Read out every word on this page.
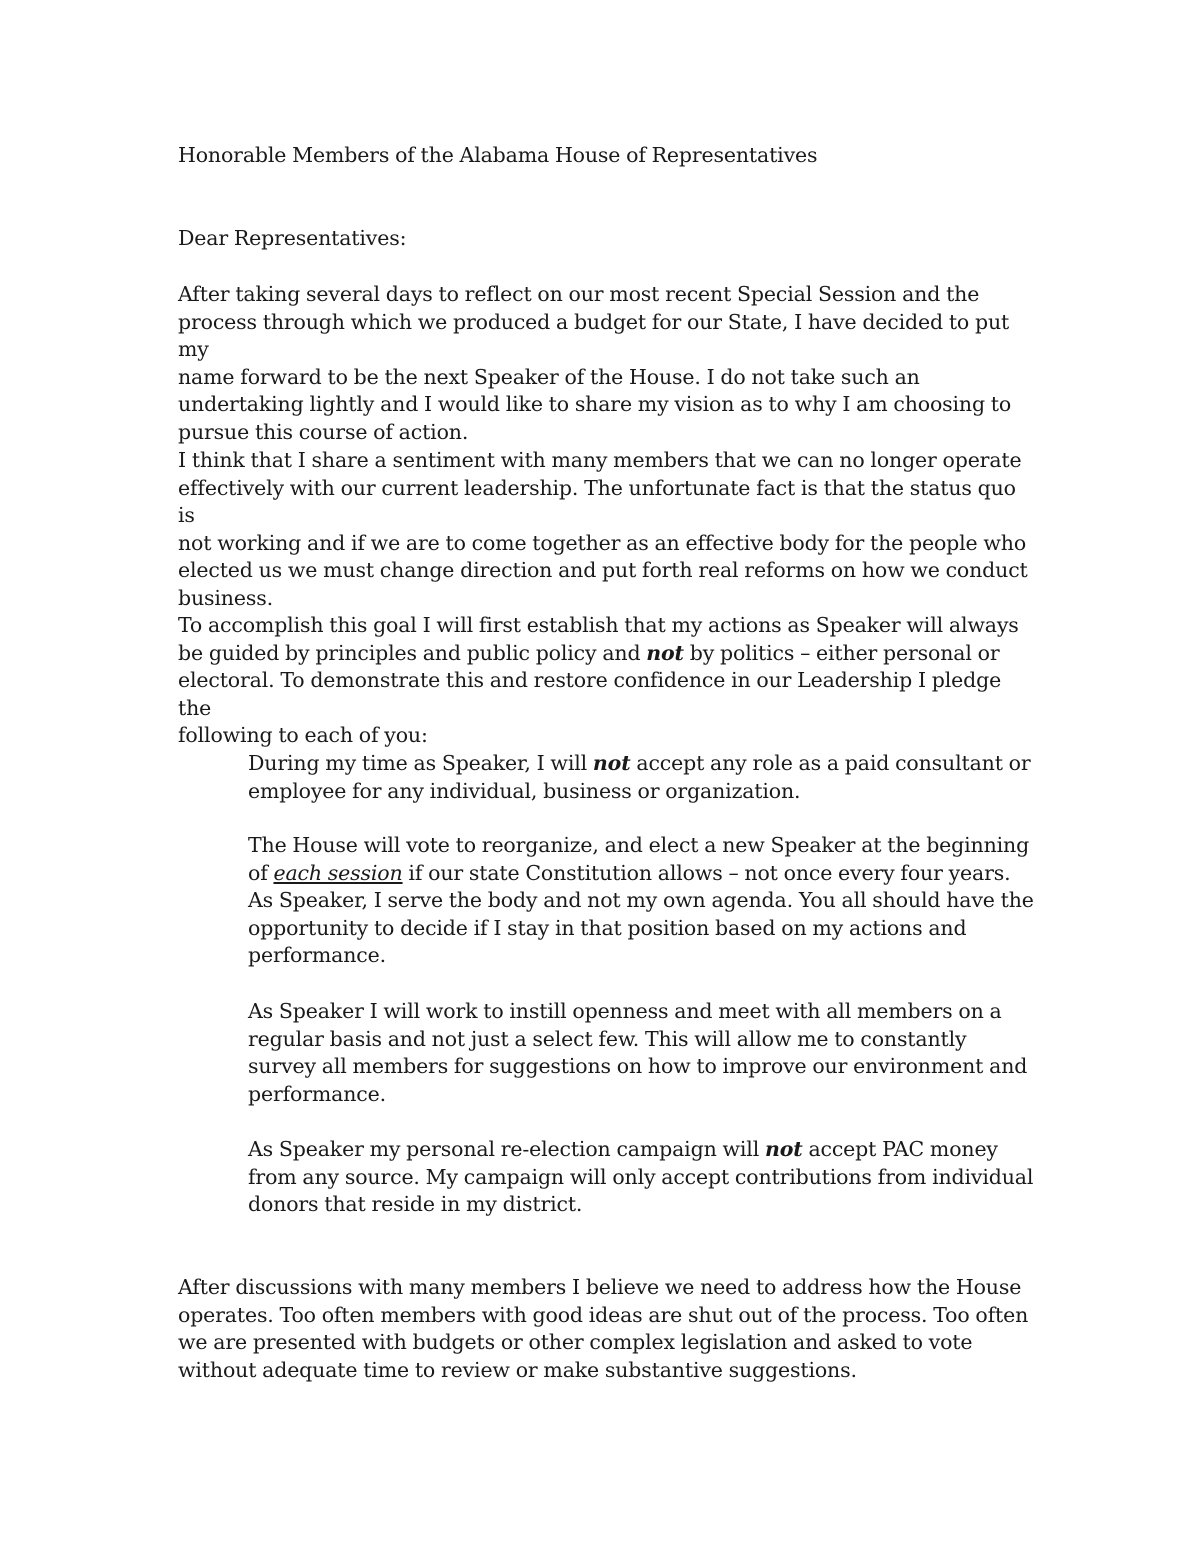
Honorable Members of the Alabama House of Representatives
Dear Representatives:
After taking several days to reflect on our most recent Special Session and the
process through which we produced a budget for our State, I have decided to put my
name forward to be the next Speaker of the House. I do not take such an
undertaking lightly and I would like to share my vision as to why I am choosing to
pursue this course of action.
I think that I share a sentiment with many members that we can no longer operate
effectively with our current leadership. The unfortunate fact is that the status quo is
not working and if we are to come together as an effective body for the people who
elected us we must change direction and put forth real reforms on how we conduct
business.
To accomplish this goal I will first establish that my actions as Speaker will always
be guided by principles and public policy and not by politics – either personal or
electoral. To demonstrate this and restore confidence in our Leadership I pledge the
following to each of you:
During my time as Speaker, I will not accept any role as a paid consultant or
employee for any individual, business or organization.
The House will vote to reorganize, and elect a new Speaker at the beginning
of each session if our state Constitution allows – not once every four years.
As Speaker, I serve the body and not my own agenda. You all should have the
opportunity to decide if I stay in that position based on my actions and
performance.
As Speaker I will work to instill openness and meet with all members on a
regular basis and not just a select few. This will allow me to constantly
survey all members for suggestions on how to improve our environment and
performance.
As Speaker my personal re-election campaign will not accept PAC money
from any source. My campaign will only accept contributions from individual
donors that reside in my district.
After discussions with many members I believe we need to address how the House
operates. Too often members with good ideas are shut out of the process. Too often
we are presented with budgets or other complex legislation and asked to vote
without adequate time to review or make substantive suggestions.
